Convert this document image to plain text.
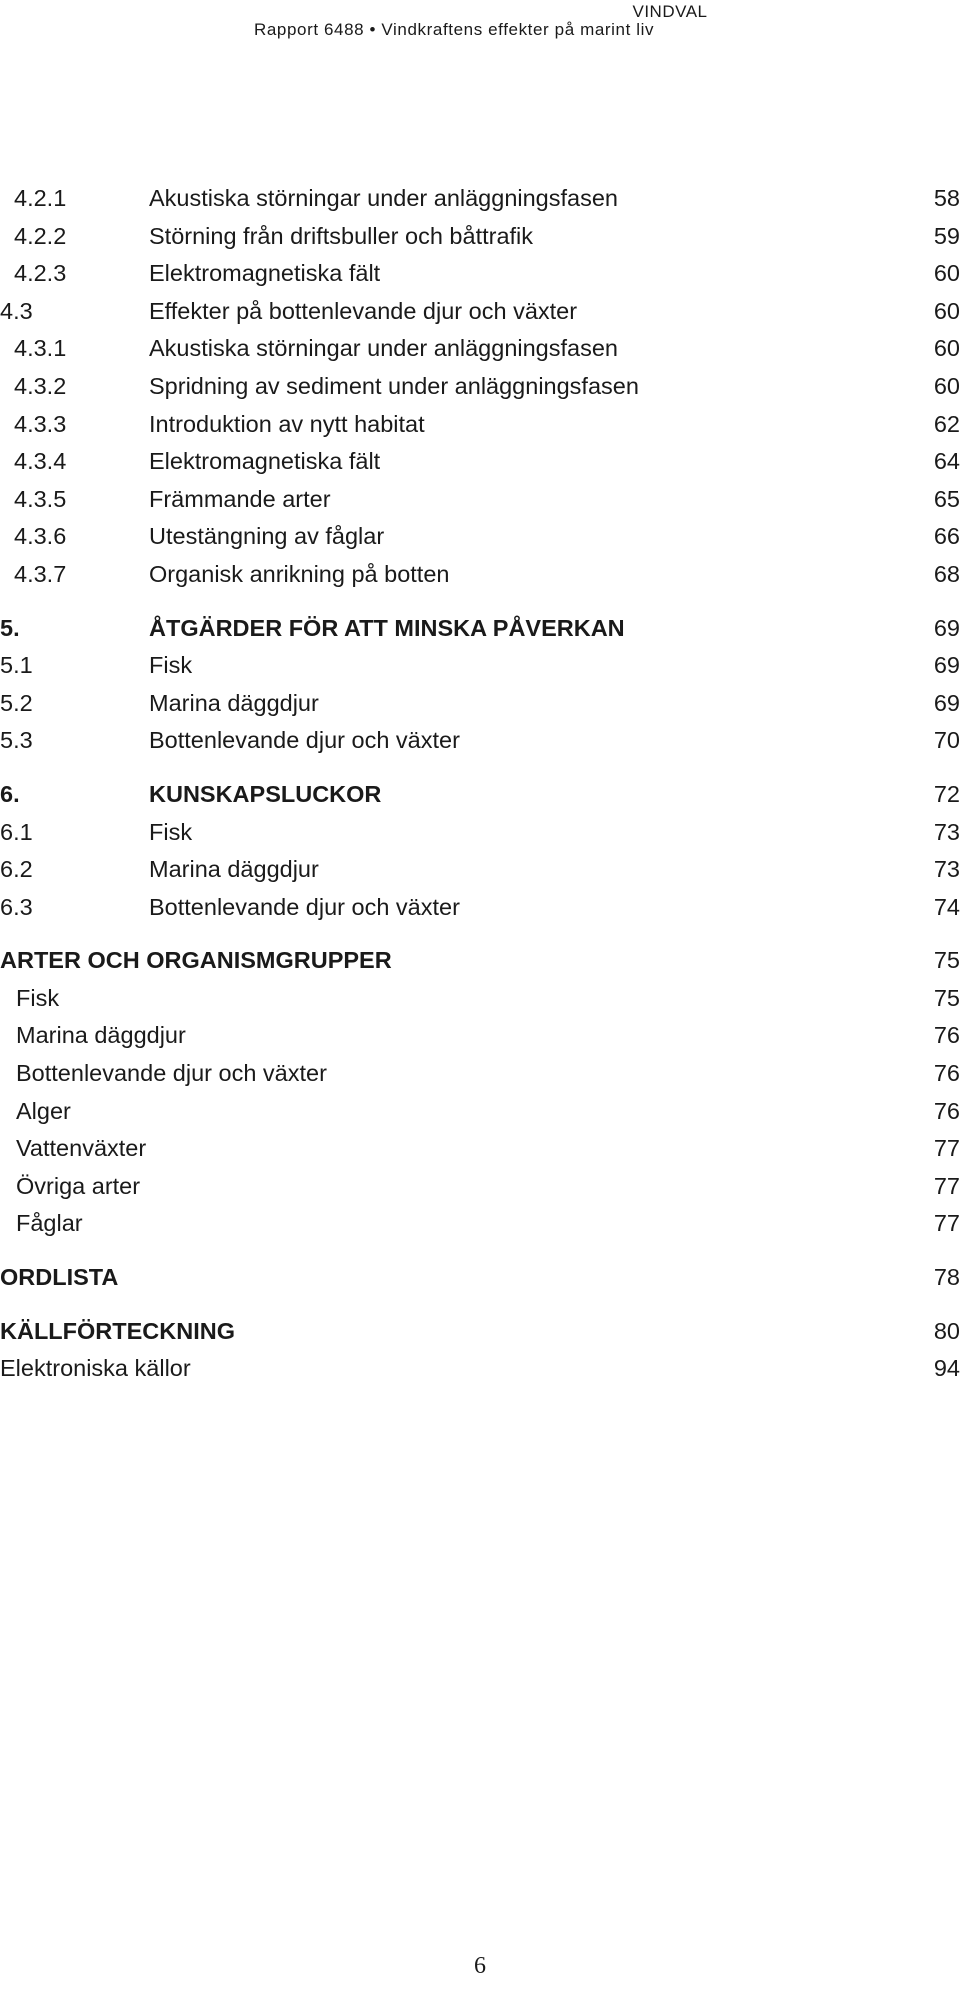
VINDVAL
Rapport 6488 • Vindkraftens effekter på marint liv
4.2.1	Akustiska störningar under anläggningsfasen	58
4.2.2	Störning från driftsbuller och båttrafik	59
4.2.3	Elektromagnetiska fält	60
4.3	Effekter på bottenlevande djur och växter	60
4.3.1	Akustiska störningar under anläggningsfasen	60
4.3.2	Spridning av sediment under anläggningsfasen	60
4.3.3	Introduktion av nytt habitat	62
4.3.4	Elektromagnetiska fält	64
4.3.5	Främmande arter	65
4.3.6	Utestängning av fåglar	66
4.3.7	Organisk anrikning på botten	68
5.	ÅTGÄRDER FÖR ATT MINSKA PÅVERKAN	69
5.1	Fisk	69
5.2	Marina däggdjur	69
5.3	Bottenlevande djur och växter	70
6.	KUNSKAPSLUCKOR	72
6.1	Fisk	73
6.2	Marina däggdjur	73
6.3	Bottenlevande djur och växter	74
ARTER OCH ORGANISMGRUPPER	75
Fisk	75
Marina däggdjur	76
Bottenlevande djur och växter	76
Alger	76
Vattenväxter	77
Övriga arter	77
Fåglar	77
ORDLISTA	78
KÄLLFÖRTECKNING	80
Elektroniska källor	94
6
